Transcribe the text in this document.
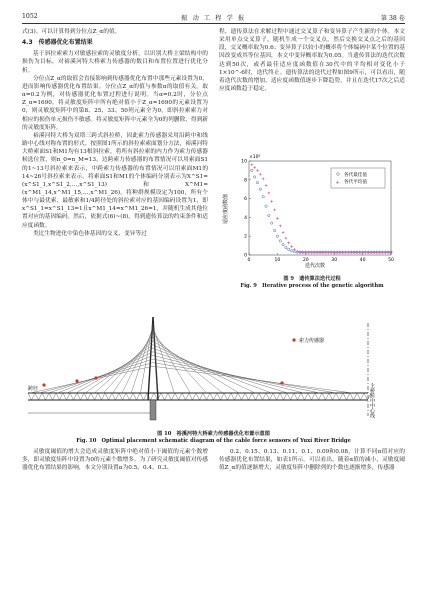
1052	振 动 工 程 学 报	第 38 卷

式(3)。可以计算得到分位点Z_α的值。

4.3　传感器优化布置结果

基于斜拉索索力对敏感拉索的灵敏度分析，以识别大桥主梁结构中的损伤为目标，对裕溪河特大桥索力传感器的数目和布置位置进行优化分析。

分位点Z_α的取值会直接影响到传感器优化布置中那些元素设置为0，进而影响传感器优化布置结果。分位点Z_α的值与参数α的取值有关。取α=0.2为例，对传感器优化布置过程进行说明。当α=0.2时，分位点Z_α=1690。将灵敏度矩阵中所有绝对值小于Z_α=1690的元素设置为0，则灵敏度矩阵中的第8、25、33、50列元素全为0，即斜拉索索力对相应的损伤单元损伤不敏感。将灵敏度矩阵中元素全为0的列删除，得到新的灵敏度矩阵。

裕溪河特大桥为双塔三跨式斜拉桥，因此索力传感器采用沿跨中和线路中心线对称布置的形式。按照图1所示的斜拉索索面划分方法，裕溪河特大桥索面S1和M1均有13根斜拉索，将所有斜拉索的内力作为索力传感器候选位置，则n_0=n_M=13。边跨索力传感器的布置情况可以用索面S1的1~13号斜拉索来表示，中跨索力传感器的布置情况可以用索面M1的14~26号斜拉索来表示。将索面S1和M1的个体编码分别表示为X^S1=(x^S1_1,x^S1_2,…,x^S1_13)和X^M1=(x^M1_14,x^M1_15,…,x^M1_26)。将种群规模设定为100，所有个体中与最优索、最敏索和1/4跨径处的斜拉索对应的基因编码设置为1，即x^S1_1=x^S1_13=1且x^M1_14=x^M1_26=1，并随机生成其他位置对应的基因编码。然后，依据式(6)~(8)，得到遗传算法的约束条件和适应度函数。

类比生物进化中染色体基因的交叉、变异等过

程，遗传算法在求解过程中通过交叉算子和变异算子产生新的个体。本文采用单点交叉算子，随机生成一个交叉点，然后交换交叉点之后的基因段，交叉概率取为0.6；变异算子以较小的概率将个体编码中某个位置的基因改变成其等位基因，本文中变异概率取为0.05。当遗传算法的迭代次数达到50次，或者最佳适应度函数值在30代中的平均相对变化小于1×10^-6时，迭代终止。遗传算法的迭代过程如图9所示，可以看出，随着迭代次数的增加，适应度函数值逐步下降趋势，并且在迭代17次之后适应度函数趋于稳定。

×10⁶
适应度函数值
迭代次数
0	10	20	30	40	50
0
2
4
6
8
10
各代最佳值
+ 各代平均值
图 9　遗传算法迭代过程
Fig. 9　Iterative process of the genetic algorithm
索力传感器
跨径	主桥跨中中心线
图 10　裕溪河特大桥索力传感器优化布置示意图
Fig. 10　Optimal placement schematic diagram of the cable force sensors of Yuxi River Bridge

灵敏度阈值的增大会造成灵敏度矩阵中绝对值小于阈值的元素个数增多，即灵敏度矩阵中设置为0的元素个数增多。为了研究灵敏度阈值对传感器优化布置结果的影响，本文分别设置α为0.5、0.4、0.3、

0.2、0.15、0.13、0.11、0.1、0.09和0.08，计算不同α值对应的传感器优化布置结果，如表1所示。可以看出，随着α值的减小，灵敏度阈值Z_α的值逐渐增大，灵敏度矩阵中删除列的个数也逐渐增多，传感器
